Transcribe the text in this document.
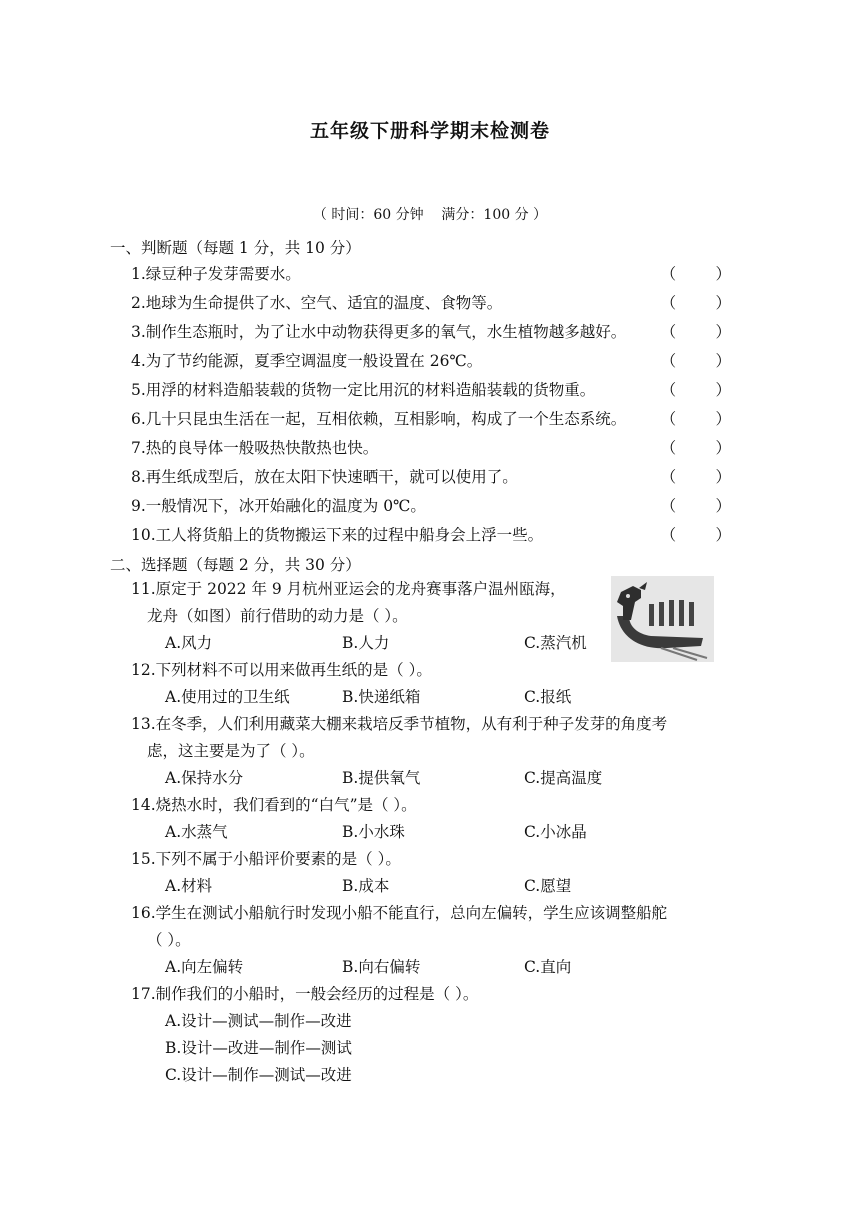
五年级下册科学期末检测卷
（ 时间：60 分钟    满分：100 分 ）
一、判断题（每题 1 分，共 10 分）
1.绿豆种子发芽需要水。	（        ）
2.地球为生命提供了水、空气、适宜的温度、食物等。	（        ）
3.制作生态瓶时，为了让水中动物获得更多的氧气，水生植物越多越好。 （        ）
4.为了节约能源，夏季空调温度一般设置在 26℃。	（        ）
5.用浮的材料造船装载的货物一定比用沉的材料造船装载的货物重。	（        ）
6.几十只昆虫生活在一起，互相依赖，互相影响，构成了一个生态系统。 （        ）
7.热的良导体一般吸热快散热也快。	（        ）
8.再生纸成型后，放在太阳下快速晒干，就可以使用了。	（        ）
9.一般情况下，冰开始融化的温度为 0℃。	（        ）
10.工人将货船上的货物搬运下来的过程中船身会上浮一些。	（        ）
二、选择题（每题 2 分，共 30 分）
11.原定于 2022 年 9 月杭州亚运会的龙舟赛事落户温州瓯海，
龙舟（如图）前行借助的动力是（ ）。
A.风力	B.人力	C.蒸汽机
12.下列材料不可以用来做再生纸的是（ ）。
A.使用过的卫生纸	B.快递纸箱	C.报纸
13.在冬季，人们利用藏菜大棚来栽培反季节植物，从有利于种子发芽的角度考
虑，这主要是为了（ ）。
A.保持水分	B.提供氧气	C.提高温度
14.烧热水时，我们看到的“白气”是（ ）。
A.水蒸气	B.小水珠	C.小冰晶
15.下列不属于小船评价要素的是（ ）。
A.材料	B.成本	C.愿望
16.学生在测试小船航行时发现小船不能直行，总向左偏转，学生应该调整船舵
（ ）。
A.向左偏转	B.向右偏转	C.直向
17.制作我们的小船时，一般会经历的过程是（ ）。
A.设计—测试—制作—改进
B.设计—改进—制作—测试
C.设计—制作—测试—改进
